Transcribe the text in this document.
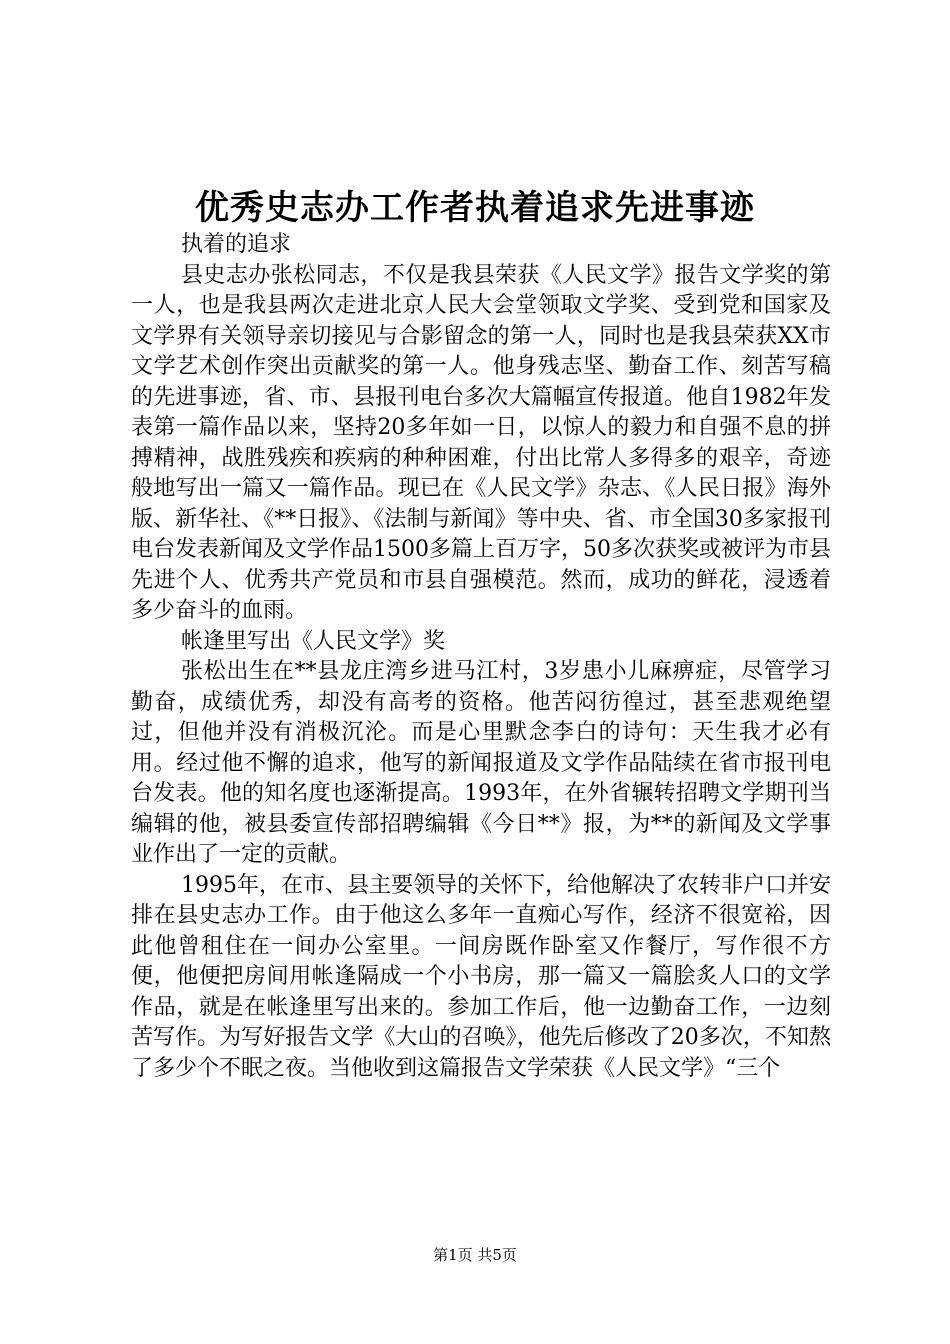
优秀史志办工作者执着追求先进事迹

执着的追求

县史志办张松同志，不仅是我县荣获《人民文学》报告文学奖的第一人，也是我县两次走进北京人民大会堂领取文学奖、受到党和国家及文学界有关领导亲切接见与合影留念的第一人，同时也是我县荣获XX市文学艺术创作突出贡献奖的第一人。他身残志坚、勤奋工作、刻苦写稿的先进事迹，省、市、县报刊电台多次大篇幅宣传报道。他自1982年发表第一篇作品以来，坚持20多年如一日，以惊人的毅力和自强不息的拼搏精神，战胜残疾和疾病的种种困难，付出比常人多得多的艰辛，奇迹般地写出一篇又一篇作品。现已在《人民文学》杂志、《人民日报》海外版、新华社、《**日报》、《法制与新闻》等中央、省、市全国30多家报刊电台发表新闻及文学作品1500多篇上百万字，50多次获奖或被评为市县先进个人、优秀共产党员和市县自强模范。然而，成功的鲜花，浸透着多少奋斗的血雨。

帐逢里写出《人民文学》奖

张松出生在**县龙庄湾乡进马江村，3岁患小儿麻痹症，尽管学习勤奋，成绩优秀，却没有高考的资格。他苦闷彷徨过，甚至悲观绝望过，但他并没有消极沉沦。而是心里默念李白的诗句：天生我才必有用。经过他不懈的追求，他写的新闻报道及文学作品陆续在省市报刊电台发表。他的知名度也逐渐提高。1993年，在外省辗转招聘文学期刊当编辑的他，被县委宣传部招聘编辑《今日**》报，为**的新闻及文学事业作出了一定的贡献。

1995年，在市、县主要领导的关怀下，给他解决了农转非户口并安排在县史志办工作。由于他这么多年一直痴心写作，经济不很宽裕，因此他曾租住在一间办公室里。一间房既作卧室又作餐厅，写作很不方便，他便把房间用帐逢隔成一个小书房，那一篇又一篇脍炙人口的文学作品，就是在帐逢里写出来的。参加工作后，他一边勤奋工作，一边刻苦写作。为写好报告文学《大山的召唤》，他先后修改了20多次，不知熬了多少个不眠之夜。当他收到这篇报告文学荣获《人民文学》“三个

第1页 共5页
